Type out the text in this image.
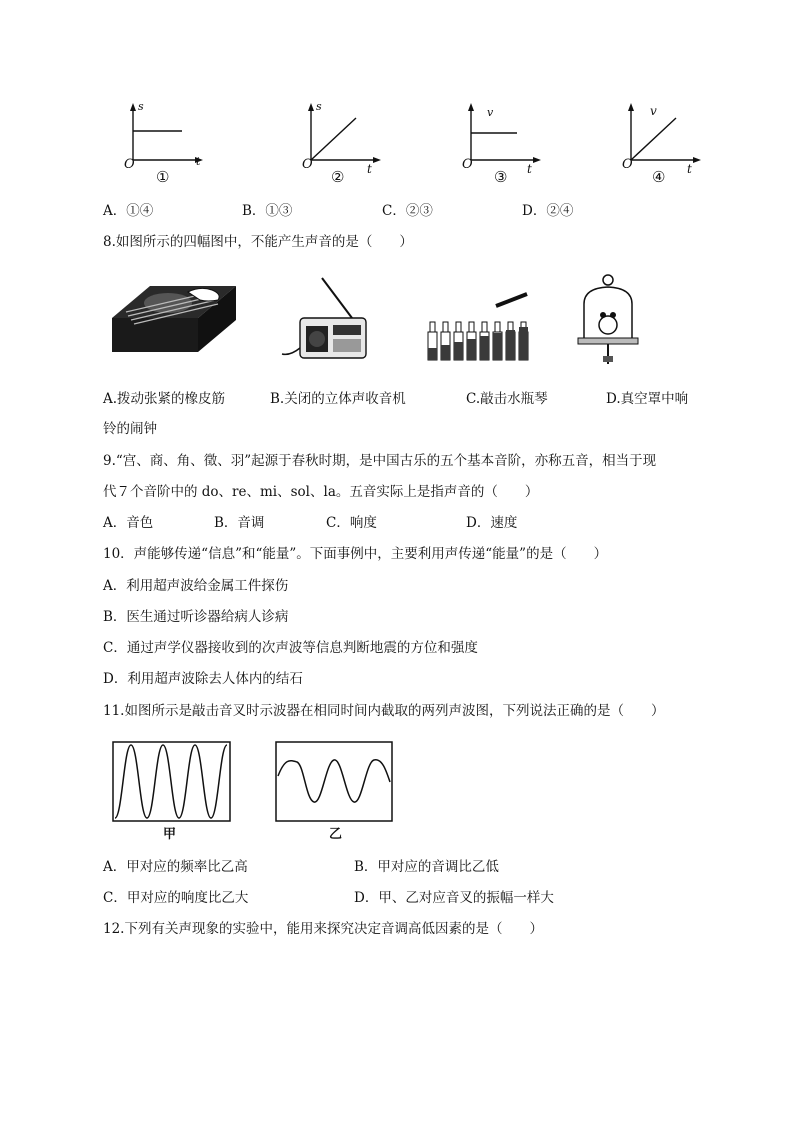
s
t
O
①
s
t
O
②
v
t
O
③
v
t
O
④
A．①④	B．①③	C．②③	D．②④
8.如图所示的四幅图中，不能产生声音的是（　　）
A.拨动张紧的橡皮筋	B.关闭的立体声收音机	C.敲击水瓶琴	D.真空罩中响
铃的闹钟
9.“宫、商、角、徵、羽”起源于春秋时期，是中国古乐的五个基本音阶，亦称五音，相当于现
代７个音阶中的 do、re、mi、sol、la。五音实际上是指声音的（　　）
A．音色	B．音调	C．响度	D．速度
10．声能够传递“信息”和“能量”。下面事例中，主要利用声传递“能量”的是（　　）
A．利用超声波给金属工件探伤
B．医生通过听诊器给病人诊病
C．通过声学仪器接收到的次声波等信息判断地震的方位和强度
D．利用超声波除去人体内的结石
11.如图所示是敲击音叉时示波器在相同时间内截取的两列声波图，下列说法正确的是（　　）
甲	乙
A．甲对应的频率比乙高	B．甲对应的音调比乙低
C．甲对应的响度比乙大	D．甲、乙对应音叉的振幅一样大
12.下列有关声现象的实验中，能用来探究决定音调高低因素的是（　　）
